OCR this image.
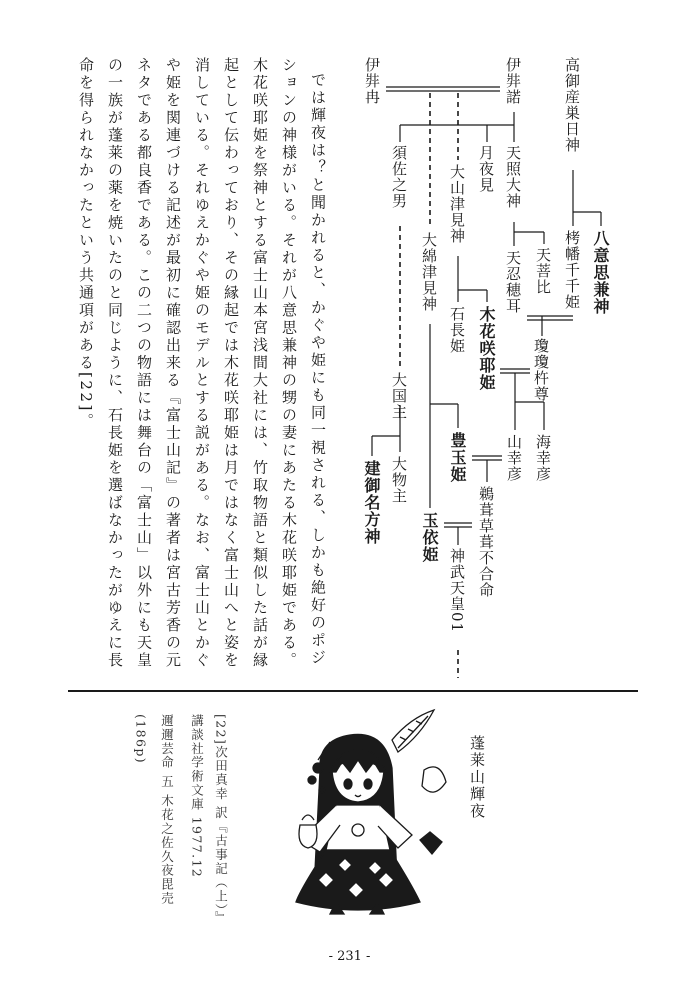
高御産巣日神
八意思兼神
栲幡千千姫
伊弉諾
伊弉冉
天照大神
月夜見
須佐之男	大山津見神
天菩比
天忍穂耳
大綿津見神
瓊瓊杵尊
木花咲耶姫
石長姫
海幸彦
山幸彦
豊玉姫
大国主
鵜葺草葺不合命
玉依姫
大物主
建御名方神
神武天皇01
では輝夜は？と聞かれると、かぐや姫にも同一視される、しかも絶好のポジ
ションの神様がいる。それが八意思兼神の甥の妻にあたる木花咲耶姫である。
木花咲耶姫を祭神とする富士山本宮浅間大社には、竹取物語と類似した話が縁
起として伝わっており、その縁起では木花咲耶姫は月ではなく富士山へと姿を
消している。それゆえかぐや姫のモデルとする説がある。なお、富士山とかぐ
や姫を関連づける記述が最初に確認出来る『富士山記』の著者は宮古芳香の元
ネタである都良香である。この二つの物語には舞台の「富士山」以外にも天皇
の一族が蓬莱の薬を焼いたのと同じように、石長姫を選ばなかったがゆえに長
命を得られなかったという共通項がある[22]。
蓬莱山輝夜
[22]次田真幸 訳『古事記（上）』
講談社学術文庫 1977.12
邇邇芸命 五 木花之佐久夜毘売
(186p)
- 231 -
